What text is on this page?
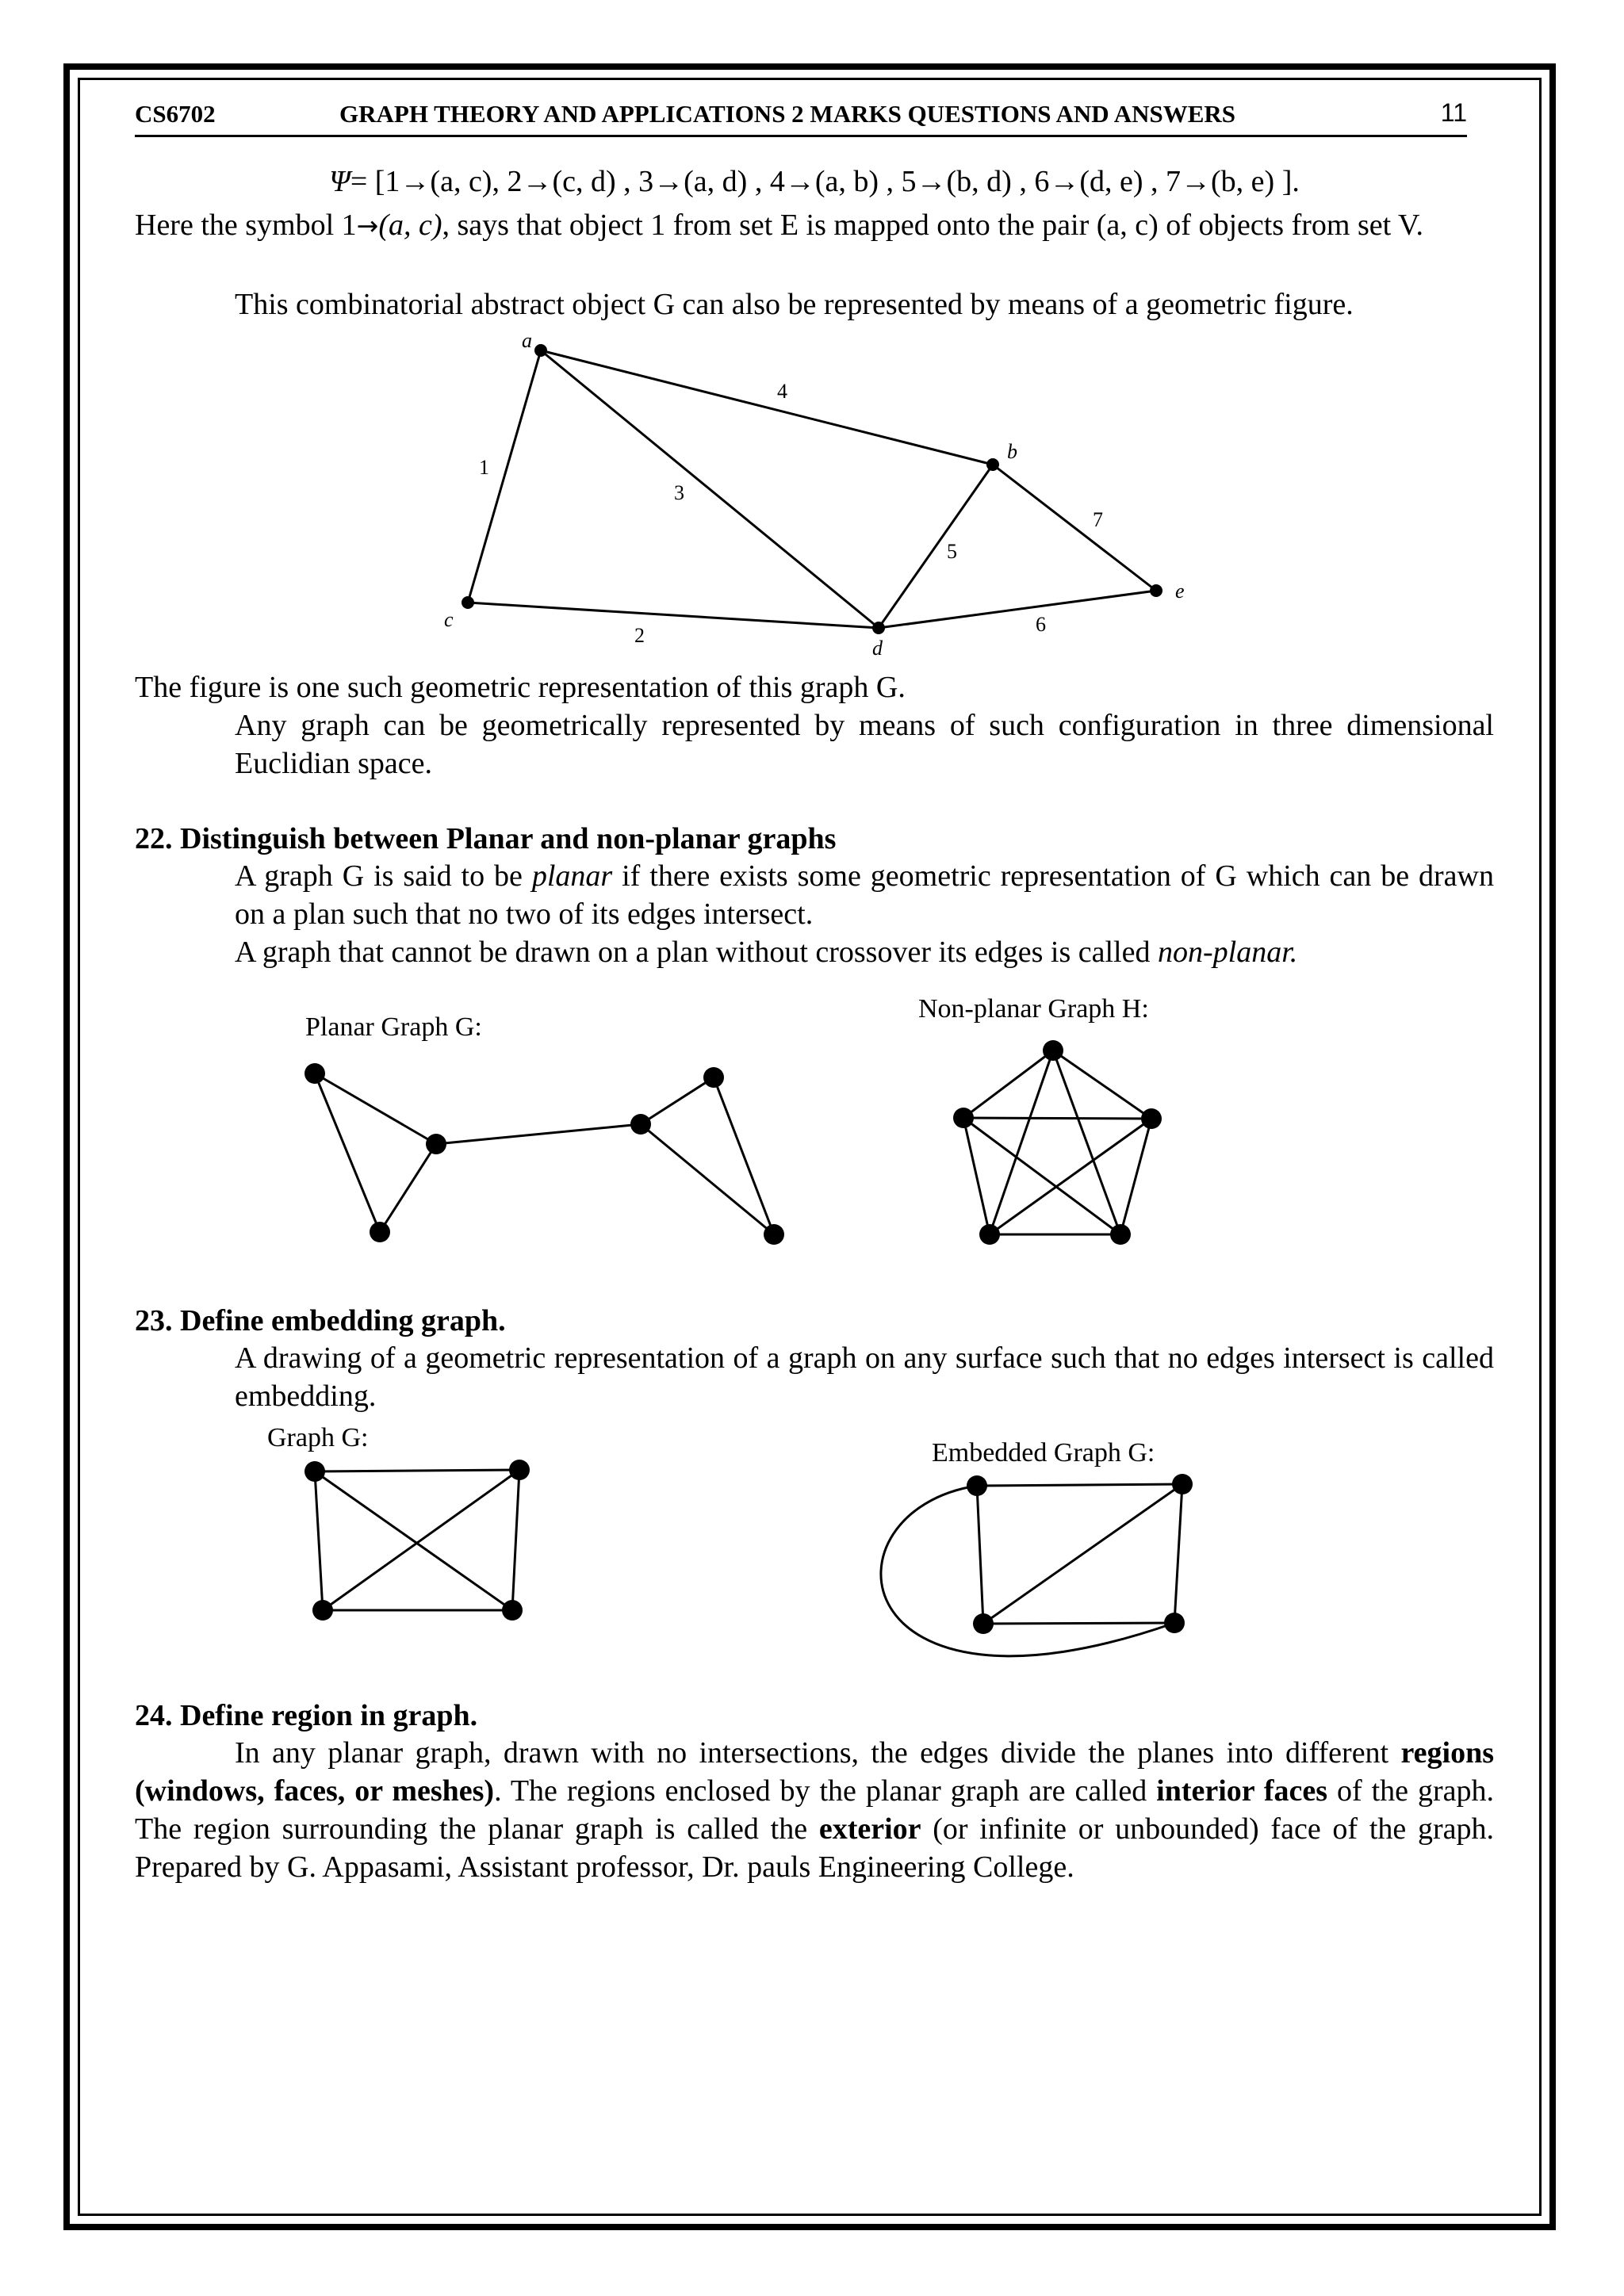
CS6702	GRAPH THEORY AND APPLICATIONS 2 MARKS QUESTIONS AND ANSWERS	11

Ψ= [1→(a, c), 2→(c, d) , 3→(a, d) , 4→(a, b) , 5→(b, d) , 6→(d, e) , 7→(b, e) ].

Here the symbol 1→(a, c), says that object 1 from set E is mapped onto the pair (a, c) of objects from set V.

This combinatorial abstract object G can also be represented by means of a geometric figure.

a
b
c
d
e
1
2
3
4
5
6
7

The figure is one such geometric representation of this graph G.

Any graph can be geometrically represented by means of such configuration in three dimensional Euclidian space.

22. Distinguish between Planar and non-planar graphs

A graph G is said to be planar if there exists some geometric representation of G which can be drawn on a plan such that no two of its edges intersect.

A graph that cannot be drawn on a plan without crossover its edges is called non-planar.

Planar Graph G:
Non-planar Graph H:

23. Define embedding graph.

A drawing of a geometric representation of a graph on any surface such that no edges intersect is called embedding.

Graph G:
Embedded Graph G:

24. Define region in graph.

In any planar graph, drawn with no intersections, the edges divide the planes into different regions (windows, faces, or meshes). The regions enclosed by the planar graph are called interior faces of the graph. The region surrounding the planar graph is called the exterior (or infinite or unbounded) face of the graph. Prepared by G. Appasami, Assistant professor, Dr. pauls Engineering College.
